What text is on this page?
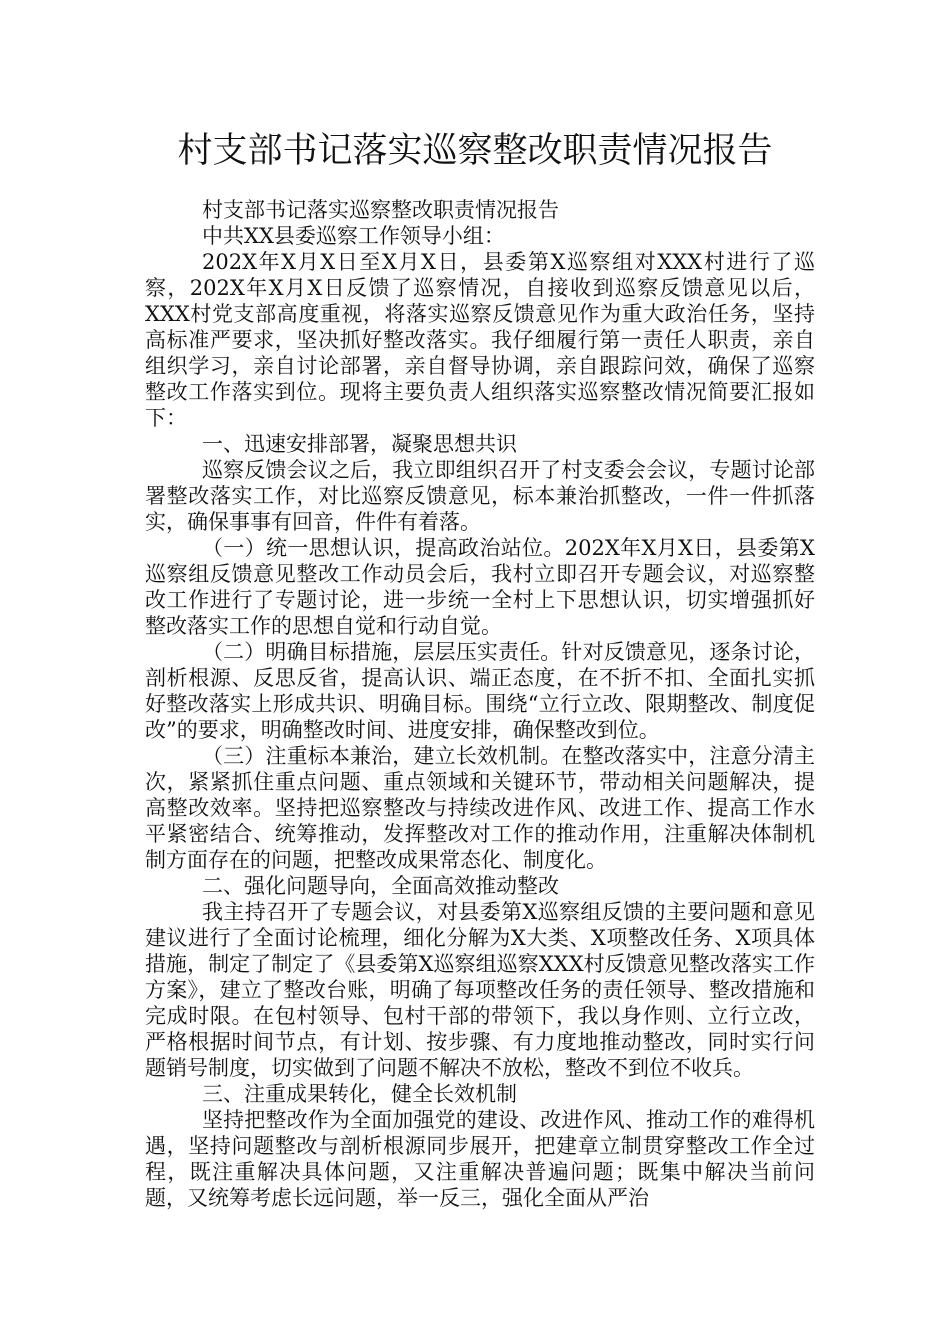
村支部书记落实巡察整改职责情况报告

村支部书记落实巡察整改职责情况报告

中共XX县委巡察工作领导小组：

202X年X月X日至X月X日，县委第X巡察组对XXX村进行了巡察，202X年X月X日反馈了巡察情况，自接收到巡察反馈意见以后，XXX村党支部高度重视，将落实巡察反馈意见作为重大政治任务，坚持高标准严要求，坚决抓好整改落实。我仔细履行第一责任人职责，亲自组织学习，亲自讨论部署，亲自督导协调，亲自跟踪问效，确保了巡察整改工作落实到位。现将主要负责人组织落实巡察整改情况简要汇报如下：

一、迅速安排部署，凝聚思想共识

巡察反馈会议之后，我立即组织召开了村支委会会议，专题讨论部署整改落实工作，对比巡察反馈意见，标本兼治抓整改，一件一件抓落实，确保事事有回音，件件有着落。

（一）统一思想认识，提高政治站位。202X年X月X日，县委第X巡察组反馈意见整改工作动员会后，我村立即召开专题会议，对巡察整改工作进行了专题讨论，进一步统一全村上下思想认识，切实增强抓好整改落实工作的思想自觉和行动自觉。

（二）明确目标措施，层层压实责任。针对反馈意见，逐条讨论，剖析根源、反思反省，提高认识、端正态度，在不折不扣、全面扎实抓好整改落实上形成共识、明确目标。围绕“立行立改、限期整改、制度促改”的要求，明确整改时间、进度安排，确保整改到位。

（三）注重标本兼治，建立长效机制。在整改落实中，注意分清主次，紧紧抓住重点问题、重点领域和关键环节，带动相关问题解决，提高整改效率。坚持把巡察整改与持续改进作风、改进工作、提高工作水平紧密结合、统筹推动，发挥整改对工作的推动作用，注重解决体制机制方面存在的问题，把整改成果常态化、制度化。

二、强化问题导向，全面高效推动整改

我主持召开了专题会议，对县委第X巡察组反馈的主要问题和意见建议进行了全面讨论梳理，细化分解为X大类、X项整改任务、X项具体措施，制定了制定了《县委第X巡察组巡察XXX村反馈意见整改落实工作方案》，建立了整改台账，明确了每项整改任务的责任领导、整改措施和完成时限。在包村领导、包村干部的带领下，我以身作则、立行立改，严格根据时间节点，有计划、按步骤、有力度地推动整改，同时实行问题销号制度，切实做到了问题不解决不放松，整改不到位不收兵。

三、注重成果转化，健全长效机制

坚持把整改作为全面加强党的建设、改进作风、推动工作的难得机遇，坚持问题整改与剖析根源同步展开，把建章立制贯穿整改工作全过程，既注重解决具体问题，又注重解决普遍问题；既集中解决当前问题，又统筹考虑长远问题，举一反三，强化全面从严治
